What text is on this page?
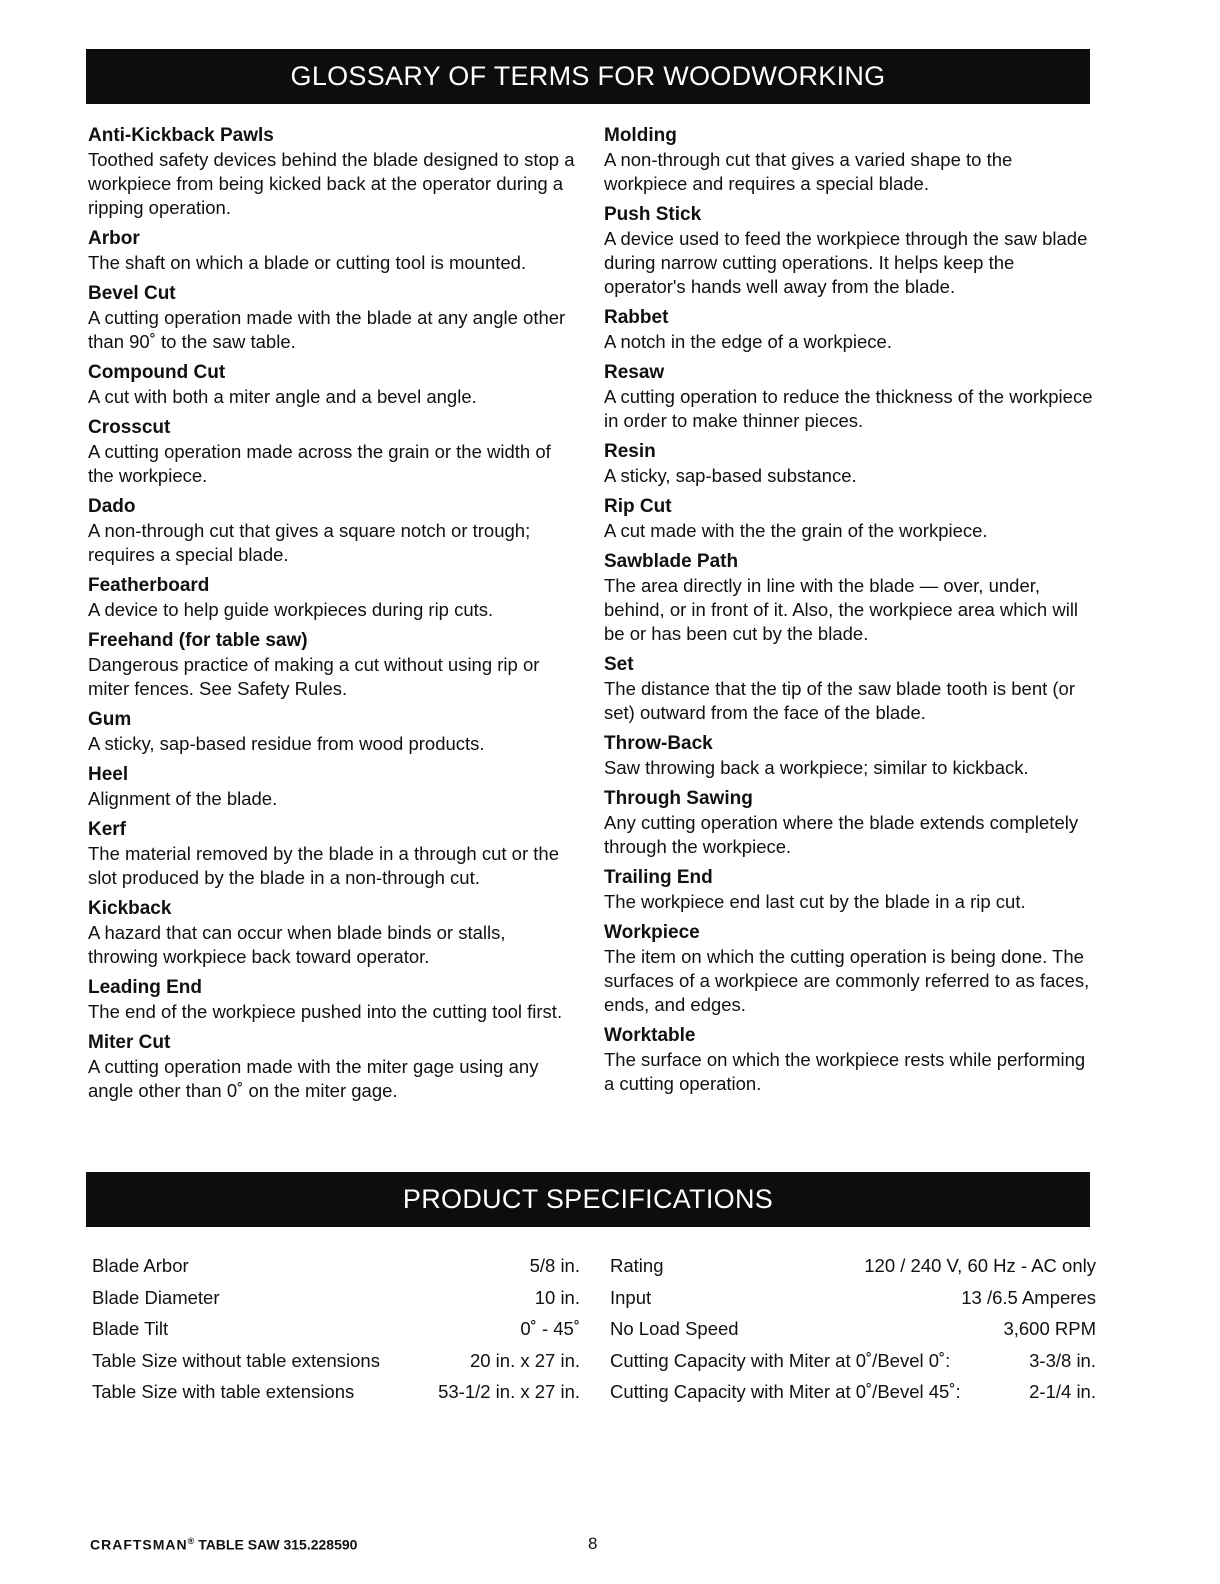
GLOSSARY OF TERMS FOR WOODWORKING
Anti-Kickback Pawls
Toothed safety devices behind the blade designed to stop a workpiece from being kicked back at the operator during a ripping operation.
Arbor
The shaft on which a blade or cutting tool is mounted.
Bevel Cut
A cutting operation made with the blade at any angle other than 90˚ to the saw table.
Compound Cut
A cut with both a miter angle and a bevel angle.
Crosscut
A cutting operation made across the grain or the width of the workpiece.
Dado
A non-through cut that gives a square notch or trough; requires a special blade.
Featherboard
A device to help guide workpieces during rip cuts.
Freehand (for table saw)
Dangerous practice of making a cut without using rip or miter fences. See Safety Rules.
Gum
A sticky, sap-based residue from wood products.
Heel
Alignment of the blade.
Kerf
The material removed by the blade in a through cut or the slot produced by the blade in a non-through cut.
Kickback
A hazard that can occur when blade binds or stalls, throwing workpiece back toward operator.
Leading End
The end of the workpiece pushed into the cutting tool first.
Miter Cut
A cutting operation made with the miter gage using any angle other than 0˚ on the miter gage.
Molding
A non-through cut that gives a varied shape to the workpiece and requires a special blade.
Push Stick
A device used to feed the workpiece through the saw blade during narrow cutting operations. It helps keep the operator's hands well away from the blade.
Rabbet
A notch in the edge of a workpiece.
Resaw
A cutting operation to reduce the thickness of the workpiece in order to make thinner pieces.
Resin
A sticky, sap-based substance.
Rip Cut
A cut made with the the grain of the workpiece.
Sawblade Path
The area directly in line with the blade — over, under, behind, or in front of it. Also, the workpiece area which will be or has been cut by the blade.
Set
The distance that the tip of the saw blade tooth is bent (or set) outward from the face of the blade.
Throw-Back
Saw throwing back a workpiece; similar to kickback.
Through Sawing
Any cutting operation where the blade extends completely through the workpiece.
Trailing End
The workpiece end last cut by the blade in a rip cut.
Workpiece
The item on which the cutting operation is being done. The surfaces of a workpiece are commonly referred to as faces, ends, and edges.
Worktable
The surface on which the workpiece rests while performing a cutting operation.
PRODUCT SPECIFICATIONS
Blade Arbor	5/8 in.
Blade Diameter	10 in.
Blade Tilt	0˚ - 45˚
Table Size without table extensions	20 in. x 27 in.
Table Size with table extensions	53-1/2 in. x 27 in.
Rating	120 / 240 V, 60 Hz - AC only
Input	13 /6.5 Amperes
No Load Speed	3,600 RPM
Cutting Capacity with Miter at 0˚/Bevel 0˚:	3-3/8 in.
Cutting Capacity with Miter at 0˚/Bevel 45˚:	2-1/4 in.
CRAFTSMAN® TABLE SAW 315.228590	8
